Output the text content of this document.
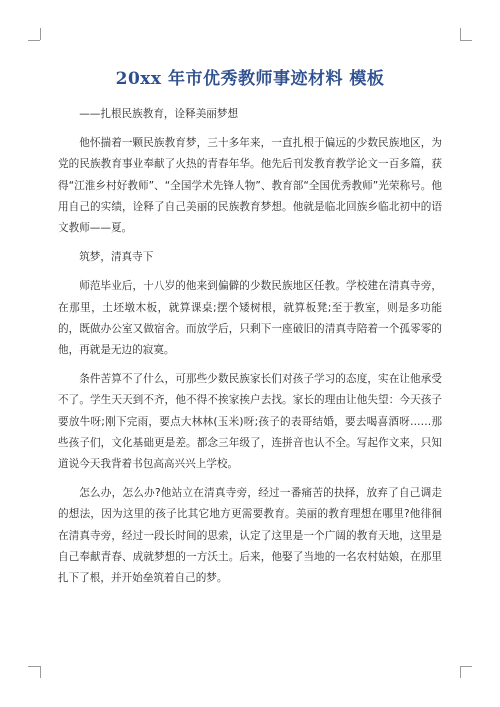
20xx 年市优秀教师事迹材料 模板

——扎根民族教育，诠释美丽梦想

他怀揣着一颗民族教育梦，三十多年来，一直扎根于偏远的少数民族地区，为党的民族教育事业奉献了火热的青春年华。他先后刊发教育教学论文一百多篇，获得“江淮乡村好教师”、“全国学术先锋人物”、教育部“全国优秀教师”光荣称号。他用自己的实绩，诠释了自己美丽的民族教育梦想。他就是临北回族乡临北初中的语文教师——夏。

筑梦，清真寺下

师范毕业后，十八岁的他来到偏僻的少数民族地区任教。学校建在清真寺旁，在那里，土坯墩木板，就算课桌;摆个矮树根，就算板凳;至于教室，则是多功能的，既做办公室又做宿舍。而放学后，只剩下一座破旧的清真寺陪着一个孤零零的他，再就是无边的寂寞。

条件苦算不了什么，可那些少数民族家长们对孩子学习的态度，实在让他承受不了。学生天天到不齐，他不得不挨家挨户去找。家长的理由让他失望：今天孩子要放牛呀;刚下完雨，要点大林林(玉米)呀;孩子的表哥结婚，要去喝喜酒呀……那些孩子们，文化基础更是差。都念三年级了，连拼音也认不全。写起作文来，只知道说今天我背着书包高高兴兴上学校。

怎么办，怎么办?他站立在清真寺旁，经过一番痛苦的抉择，放弃了自己调走的想法，因为这里的孩子比其它地方更需要教育。美丽的教育理想在哪里?他徘徊在清真寺旁，经过一段长时间的思索，认定了这里是一个广阔的教育天地，这里是自己奉献青春、成就梦想的一方沃土。后来，他娶了当地的一名农村姑娘，在那里扎下了根，并开始垒筑着自己的梦。
